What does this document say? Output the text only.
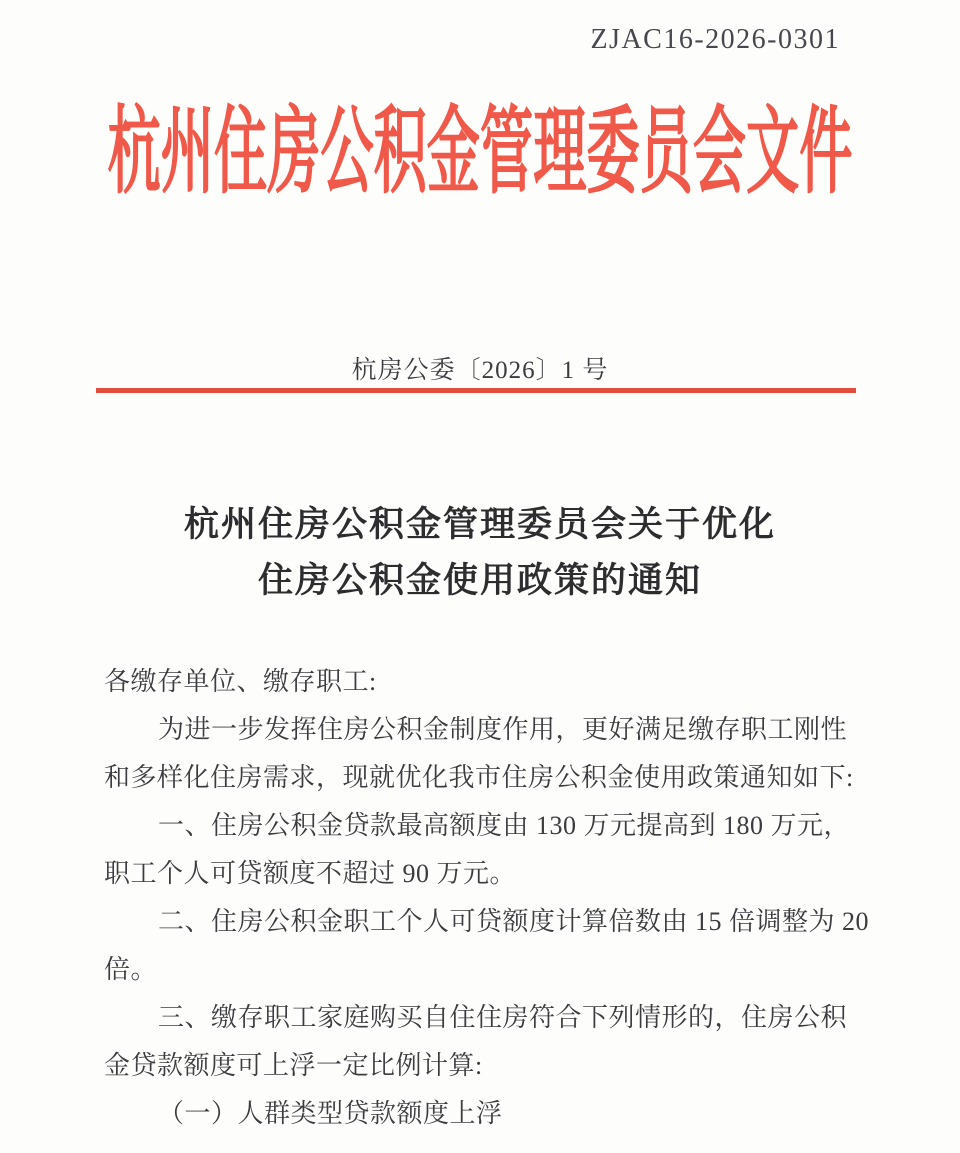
ZJAC16-2026-0301
杭州住房公积金管理委员会文件
杭房公委〔2026〕1 号
杭州住房公积金管理委员会关于优化
住房公积金使用政策的通知
各缴存单位、缴存职工:
为进一步发挥住房公积金制度作用，更好满足缴存职工刚性
和多样化住房需求，现就优化我市住房公积金使用政策通知如下:
一、住房公积金贷款最高额度由 130 万元提高到 180 万元，
职工个人可贷额度不超过 90 万元。
二、住房公积金职工个人可贷额度计算倍数由 15 倍调整为 20
倍。
三、缴存职工家庭购买自住住房符合下列情形的，住房公积
金贷款额度可上浮一定比例计算:
（一）人群类型贷款额度上浮
